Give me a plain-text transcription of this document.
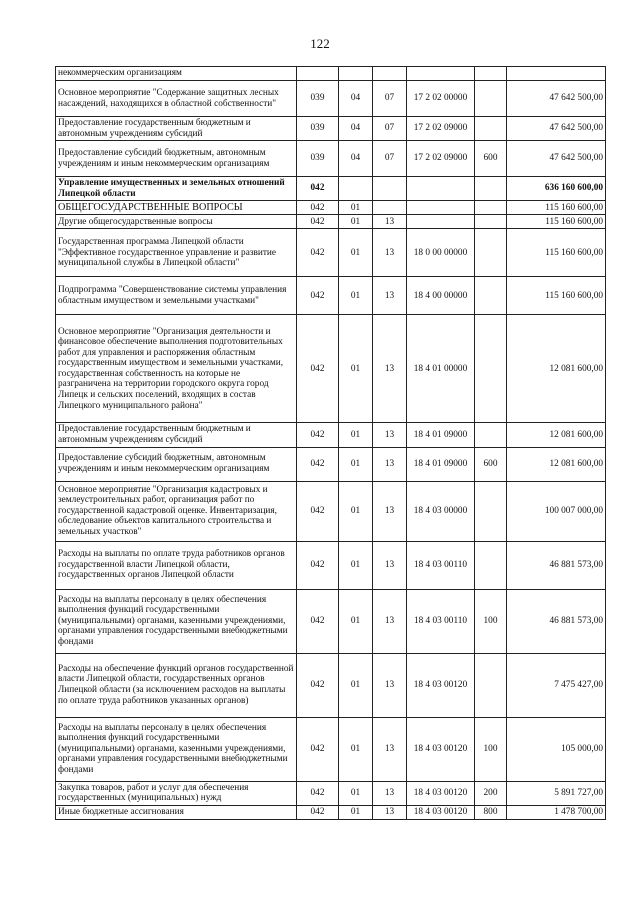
122
некоммерческим организациям						
Основное мероприятие "Содержание защитных лесных насаждений, находящихся в областной собственности"	039	04	07	17 2 02 00000		47 642 500,00
Предоставление государственным бюджетным и автономным учреждениям субсидий	039	04	07	17 2 02 09000		47 642 500,00
Предоставление субсидий бюджетным, автономным учреждениям и иным некоммерческим организациям	039	04	07	17 2 02 09000	600	47 642 500,00
Управление имущественных и земельных отношений Липецкой области	042					636 160 600,00
ОБЩЕГОСУДАРСТВЕННЫЕ ВОПРОСЫ	042	01				115 160 600,00
Другие общегосударственные вопросы	042	01	13			115 160 600,00
Государственная программа Липецкой области "Эффективное государственное управление и развитие муниципальной службы в Липецкой области"	042	01	13	18 0 00 00000		115 160 600,00
Подпрограмма "Совершенствование системы управления областным имуществом и земельными участками"	042	01	13	18 4 00 00000		115 160 600,00
Основное мероприятие "Организация деятельности и финансовое обеспечение выполнения подготовительных работ для управления и распоряжения областным государственным имуществом и земельными участками, государственная собственность на которые не разграничена на территории городского округа город Липецк и сельских поселений, входящих в состав Липецкого муниципального района"	042	01	13	18 4 01 00000		12 081 600,00
Предоставление государственным бюджетным и автономным учреждениям субсидий	042	01	13	18 4 01 09000		12 081 600,00
Предоставление субсидий бюджетным, автономным учреждениям и иным некоммерческим организациям	042	01	13	18 4 01 09000	600	12 081 600,00
Основное мероприятие "Организация кадастровых и землеустроительных работ, организация работ по государственной кадастровой оценке. Инвентаризация, обследование объектов капитального строительства и земельных участков"	042	01	13	18 4 03 00000		100 007 000,00
Расходы на выплаты по оплате труда работников органов государственной власти Липецкой области, государственных органов Липецкой области	042	01	13	18 4 03 00110		46 881 573,00
Расходы на выплаты персоналу в целях обеспечения выполнения функций государственными (муниципальными) органами, казенными учреждениями, органами управления государственными внебюджетными фондами	042	01	13	18 4 03 00110	100	46 881 573,00
Расходы на обеспечение функций органов государственной власти Липецкой области, государственных органов Липецкой области (за исключением расходов на выплаты по оплате труда работников указанных органов)	042	01	13	18 4 03 00120		7 475 427,00
Расходы на выплаты персоналу в целях обеспечения выполнения функций государственными (муниципальными) органами, казенными учреждениями, органами управления государственными внебюджетными фондами	042	01	13	18 4 03 00120	100	105 000,00
Закупка товаров, работ и услуг для обеспечения государственных (муниципальных) нужд	042	01	13	18 4 03 00120	200	5 891 727,00
Иные бюджетные ассигнования	042	01	13	18 4 03 00120	800	1 478 700,00
